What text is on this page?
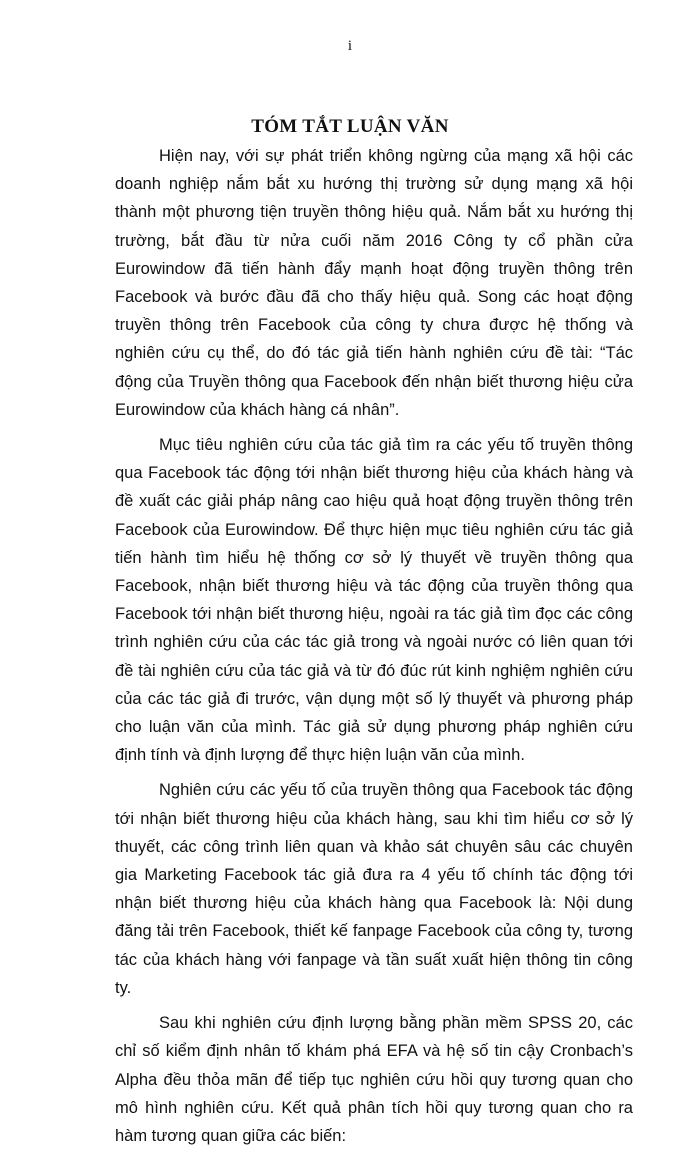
i
TÓM TẮT LUẬN VĂN

Hiện nay, với sự phát triển không ngừng của mạng xã hội các doanh nghiệp nắm bắt xu hướng thị trường sử dụng mạng xã hội thành một phương tiện truyền thông hiệu quả. Nắm bắt xu hướng thị trường, bắt đầu từ nửa cuối năm 2016 Công ty cổ phần cửa Eurowindow đã tiến hành đẩy mạnh hoạt động truyền thông trên Facebook và bước đầu đã cho thấy hiệu quả. Song các hoạt động truyền thông trên Facebook của công ty chưa được hệ thống và nghiên cứu cụ thể, do đó tác giả tiến hành nghiên cứu đề tài: “Tác động của Truyền thông qua Facebook đến nhận biết thương hiệu cửa Eurowindow của khách hàng cá nhân”.

Mục tiêu nghiên cứu của tác giả tìm ra các yếu tố truyền thông qua Facebook tác động tới nhận biết thương hiệu của khách hàng và đề xuất các giải pháp nâng cao hiệu quả hoạt động truyền thông trên Facebook của Eurowindow. Để thực hiện mục tiêu nghiên cứu tác giả tiến hành tìm hiểu hệ thống cơ sở lý thuyết về truyền thông qua Facebook, nhận biết thương hiệu và tác động của truyền thông qua Facebook tới nhận biết thương hiệu, ngoài ra tác giả tìm đọc các công trình nghiên cứu của các tác giả trong và ngoài nước có liên quan tới đề tài nghiên cứu của tác giả và từ đó đúc rút kinh nghiệm nghiên cứu của các tác giả đi trước, vận dụng một số lý thuyết và phương pháp cho luận văn của mình. Tác giả sử dụng phương pháp nghiên cứu định tính và định lượng để thực hiện luận văn của mình.

Nghiên cứu các yếu tố của truyền thông qua Facebook tác động tới nhận biết thương hiệu của khách hàng, sau khi tìm hiểu cơ sở lý thuyết, các công trình liên quan và khảo sát chuyên sâu các chuyên gia Marketing Facebook tác giả đưa ra 4 yếu tố chính tác động tới nhận biết thương hiệu của khách hàng qua Facebook là: Nội dung đăng tải trên Facebook, thiết kế fanpage Facebook của công ty, tương tác của khách hàng với fanpage và tần suất xuất hiện thông tin công ty.

Sau khi nghiên cứu định lượng bằng phần mềm SPSS 20, các chỉ số kiểm định nhân tố khám phá EFA và hệ số tin cậy Cronbach’s Alpha đều thỏa mãn để tiếp tục nghiên cứu hồi quy tương quan cho mô hình nghiên cứu. Kết quả phân tích hồi quy tương quan cho ra hàm tương quan giữa các biến:
